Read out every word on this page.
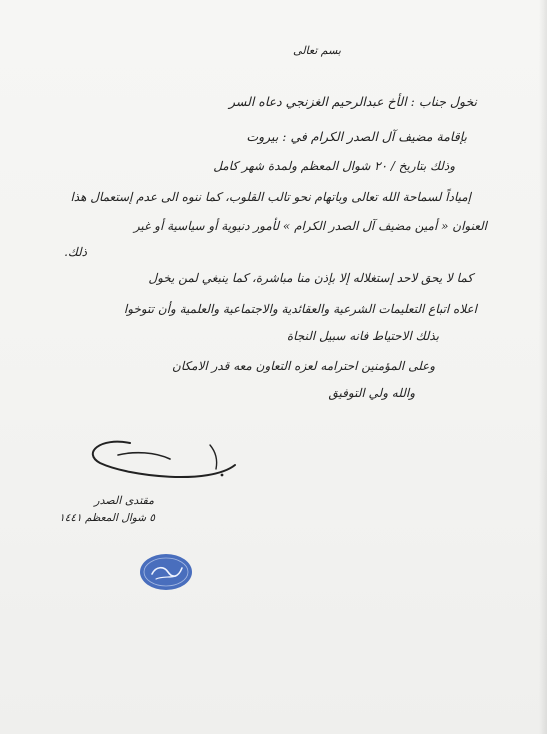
بسم تعالى
نخول جناب : الأخ عبدالرحيم الغزنجي دعاه السر
بإقامة مضيف آل الصدر الكرام في : بيروت
وذلك بتاريخ / ٢٠ شوال المعظم ولمدة شهر كامل
إمياداً لسماحة الله تعالى وباتهام نحو تالب القلوب، كما ننوه الى عدم إستعمال هذا
العنوان « أمين مضيف آل الصدر الكرام » لأمور دنيوية أو سياسية أو غير
ذلك.
كما لا يحق لاحد إستغلاله إلا بإذن منا مباشرة، كما ينبغي لمن يخول
اعلاه اتباع التعليمات الشرعية والعقائدية والاجتماعية والعلمية وأن تتوخوا
بذلك الاحتياط فانه سبيل النجاة
وعلى المؤمنين احترامه لعزه التعاون معه قدر الامكان
والله ولي التوفيق
مقتدى الصدر
٥ شوال المعظم ١٤٤١
